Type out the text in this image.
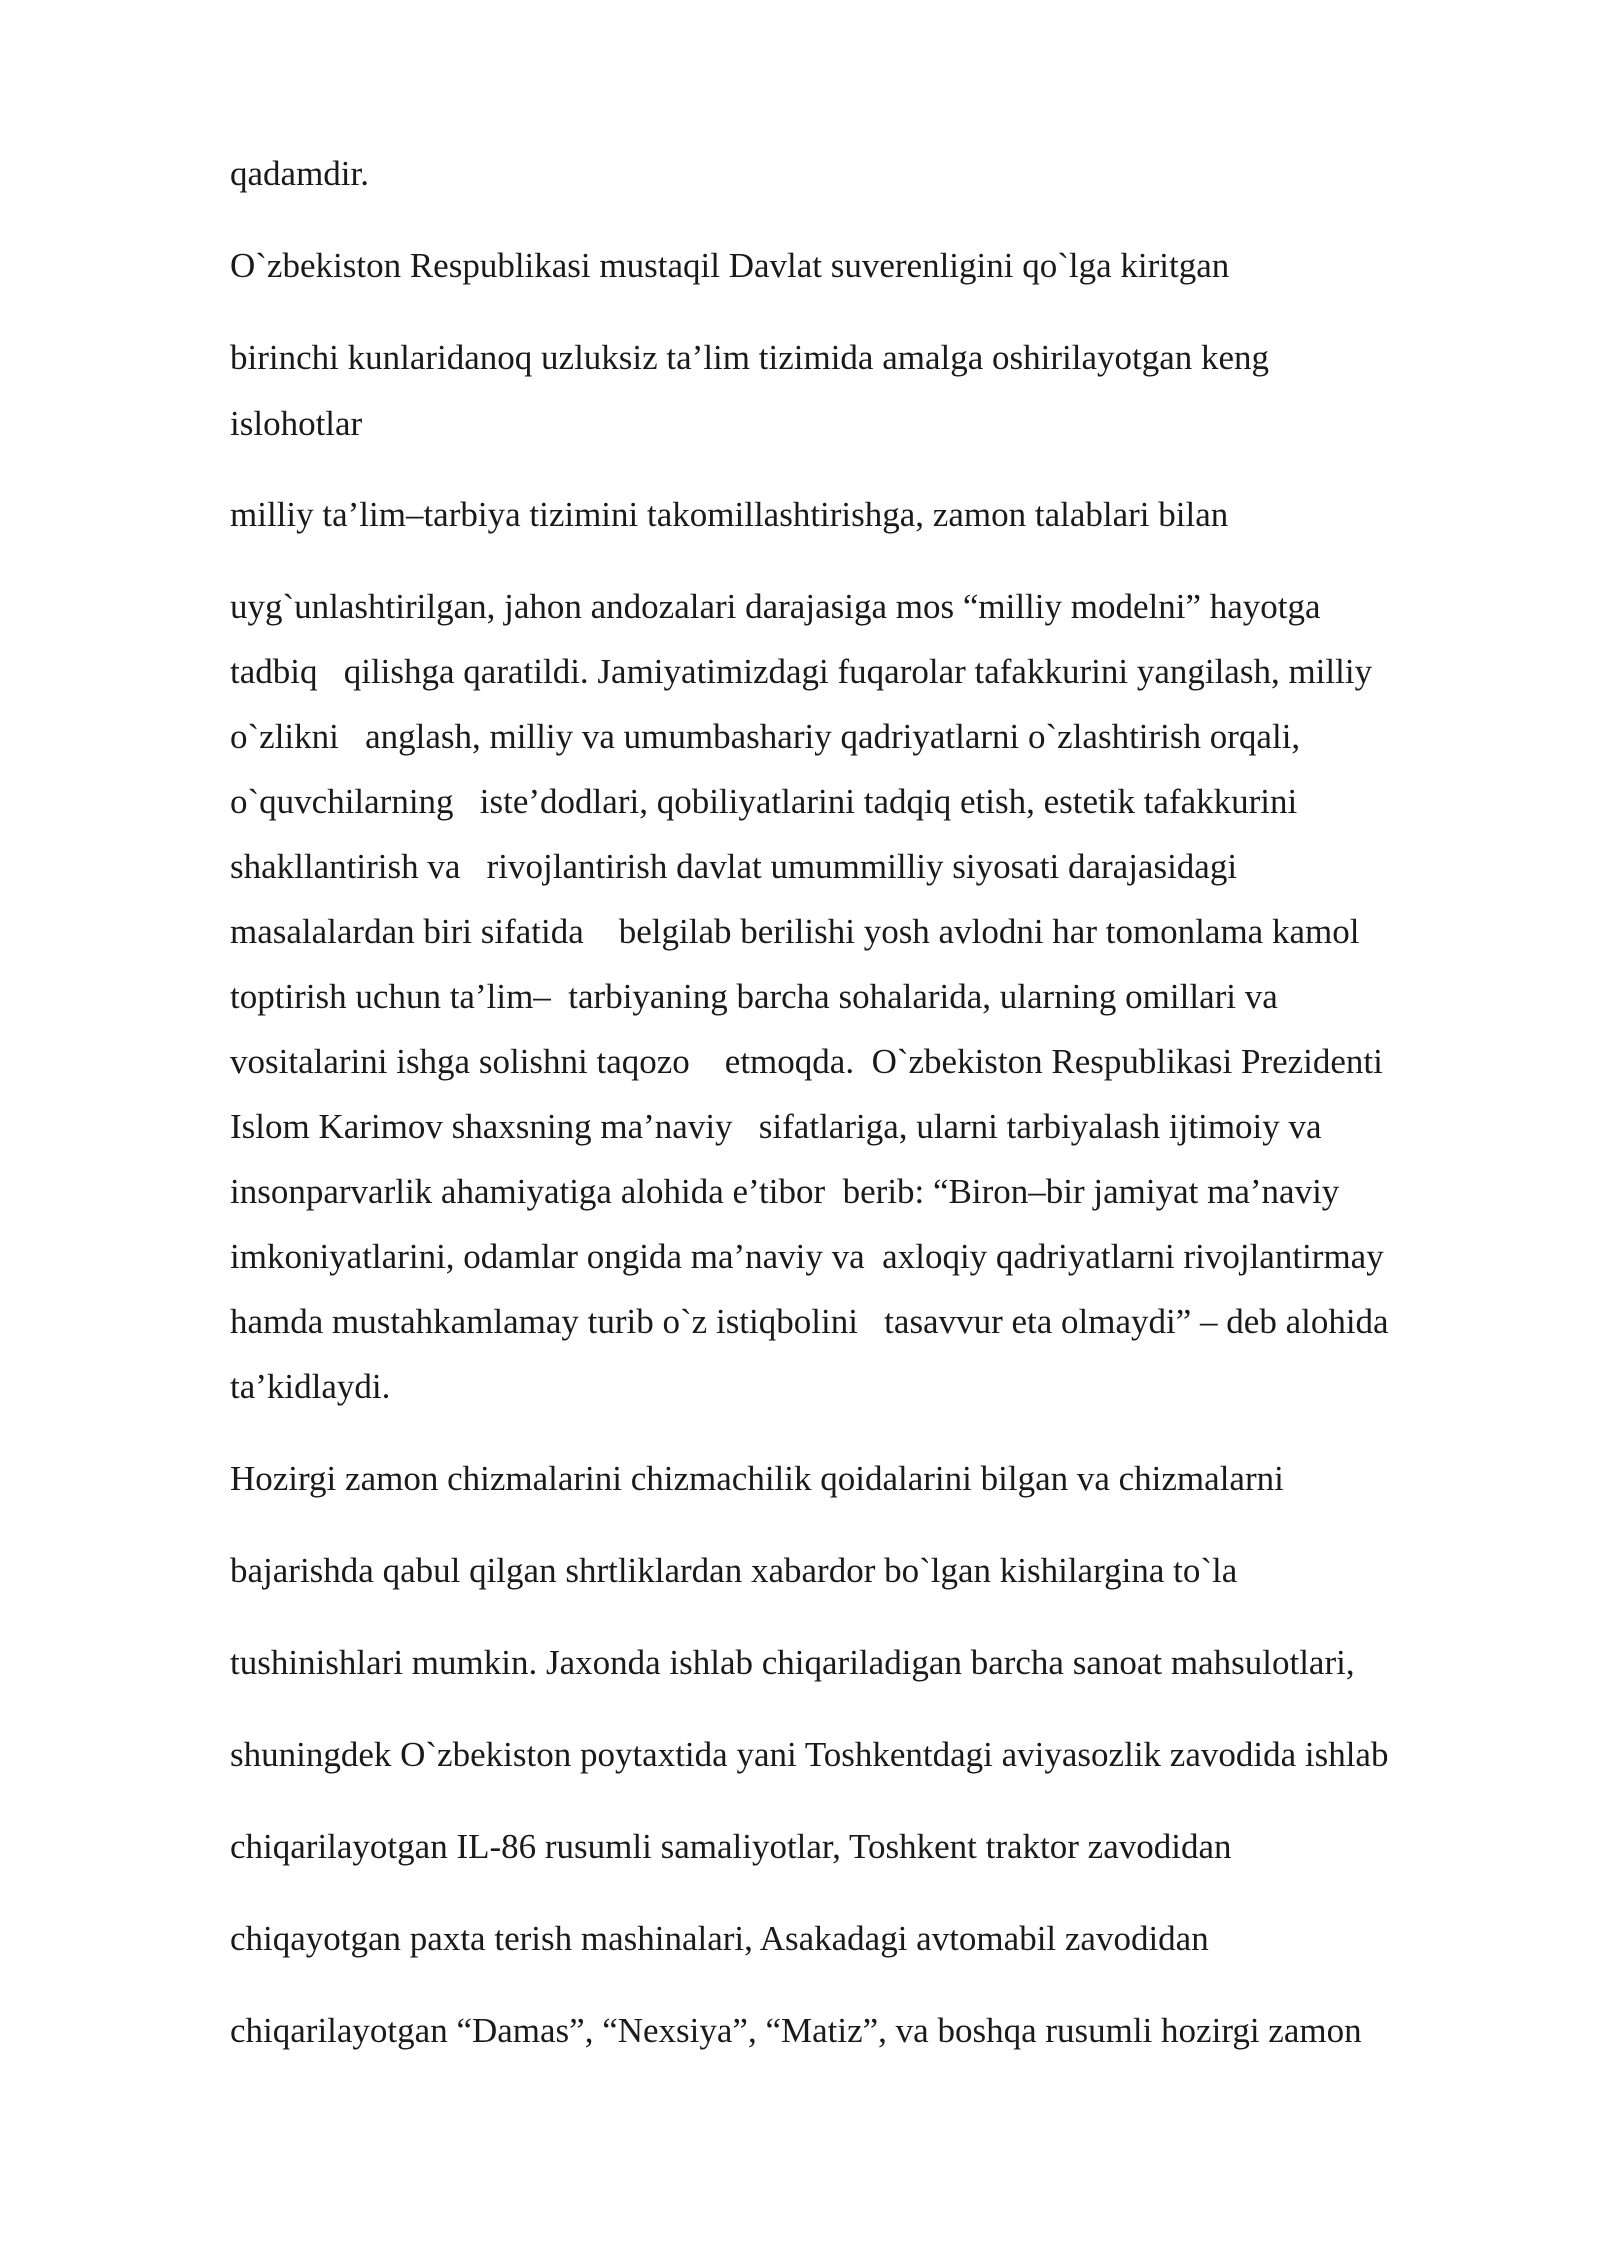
qadamdir.

O`zbekiston Respublikasi mustaqil Davlat suverenligini qo`lga kiritgan

birinchi kunlaridanoq uzluksiz ta’lim tizimida amalga oshirilayotgan keng

islohotlar

milliy ta’lim–tarbiya tizimini takomillashtirishga, zamon talablari bilan

uyg`unlashtirilgan, jahon andozalari darajasiga mos “milliy modelni” hayotga

tadbiq   qilishga qaratildi. Jamiyatimizdagi fuqarolar tafakkurini yangilash, milliy

o`zlikni   anglash, milliy va umumbashariy qadriyatlarni o`zlashtirish orqali,

o`quvchilarning   iste’dodlari, qobiliyatlarini tadqiq etish, estetik tafakkurini

shakllantirish va   rivojlantirish davlat umummilliy siyosati darajasidagi

masalalardan biri sifatida    belgilab berilishi yosh avlodni har tomonlama kamol

toptirish uchun ta’lim–  tarbiyaning barcha sohalarida, ularning omillari va

vositalarini ishga solishni taqozo    etmoqda.  O`zbekiston Respublikasi Prezidenti

Islom Karimov shaxsning ma’naviy   sifatlariga, ularni tarbiyalash ijtimoiy va

insonparvarlik ahamiyatiga alohida e’tibor  berib: “Biron–bir jamiyat ma’naviy

imkoniyatlarini, odamlar ongida ma’naviy va  axloqiy qadriyatlarni rivojlantirmay

hamda mustahkamlamay turib o`z istiqbolini   tasavvur eta olmaydi” – deb alohida

ta’kidlaydi.

Hozirgi zamon chizmalarini chizmachilik qoidalarini bilgan va chizmalarni

bajarishda qabul qilgan shrtliklardan xabardor bo`lgan kishilargina to`la

tushinishlari mumkin. Jaxonda ishlab chiqariladigan barcha sanoat mahsulotlari,

shuningdek O`zbekiston poytaxtida yani Toshkentdagi aviyasozlik zavodida ishlab

chiqarilayotgan IL-86 rusumli samaliyotlar, Toshkent traktor zavodidan

chiqayotgan paxta terish mashinalari, Asakadagi avtomabil zavodidan

chiqarilayotgan “Damas”, “Nexsiya”, “Matiz”, va boshqa rusumli hozirgi zamon
